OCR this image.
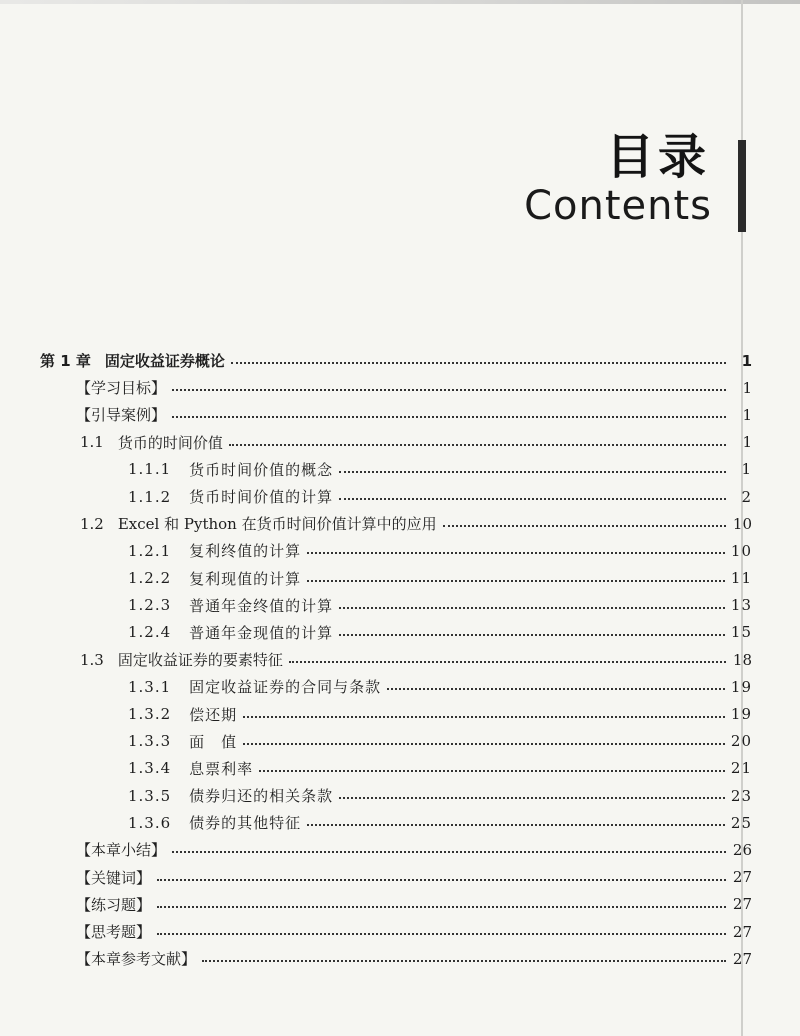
目录
Contents
第 1 章 固定收益证券概论	1
【学习目标】	1
【引导案例】	1
1.1 货币的时间价值	1
1.1.1 货币时间价值的概念	1
1.1.2 货币时间价值的计算	2
1.2 Excel 和 Python 在货币时间价值计算中的应用	10
1.2.1 复利终值的计算	10
1.2.2 复利现值的计算	11
1.2.3 普通年金终值的计算	13
1.2.4 普通年金现值的计算	15
1.3 固定收益证券的要素特征	18
1.3.1 固定收益证券的合同与条款	19
1.3.2 偿还期	19
1.3.3 面　值	20
1.3.4 息票利率	21
1.3.5 债券归还的相关条款	23
1.3.6 债券的其他特征	25
【本章小结】	26
【关键词】	27
【练习题】	27
【思考题】	27
【本章参考文献】	27
